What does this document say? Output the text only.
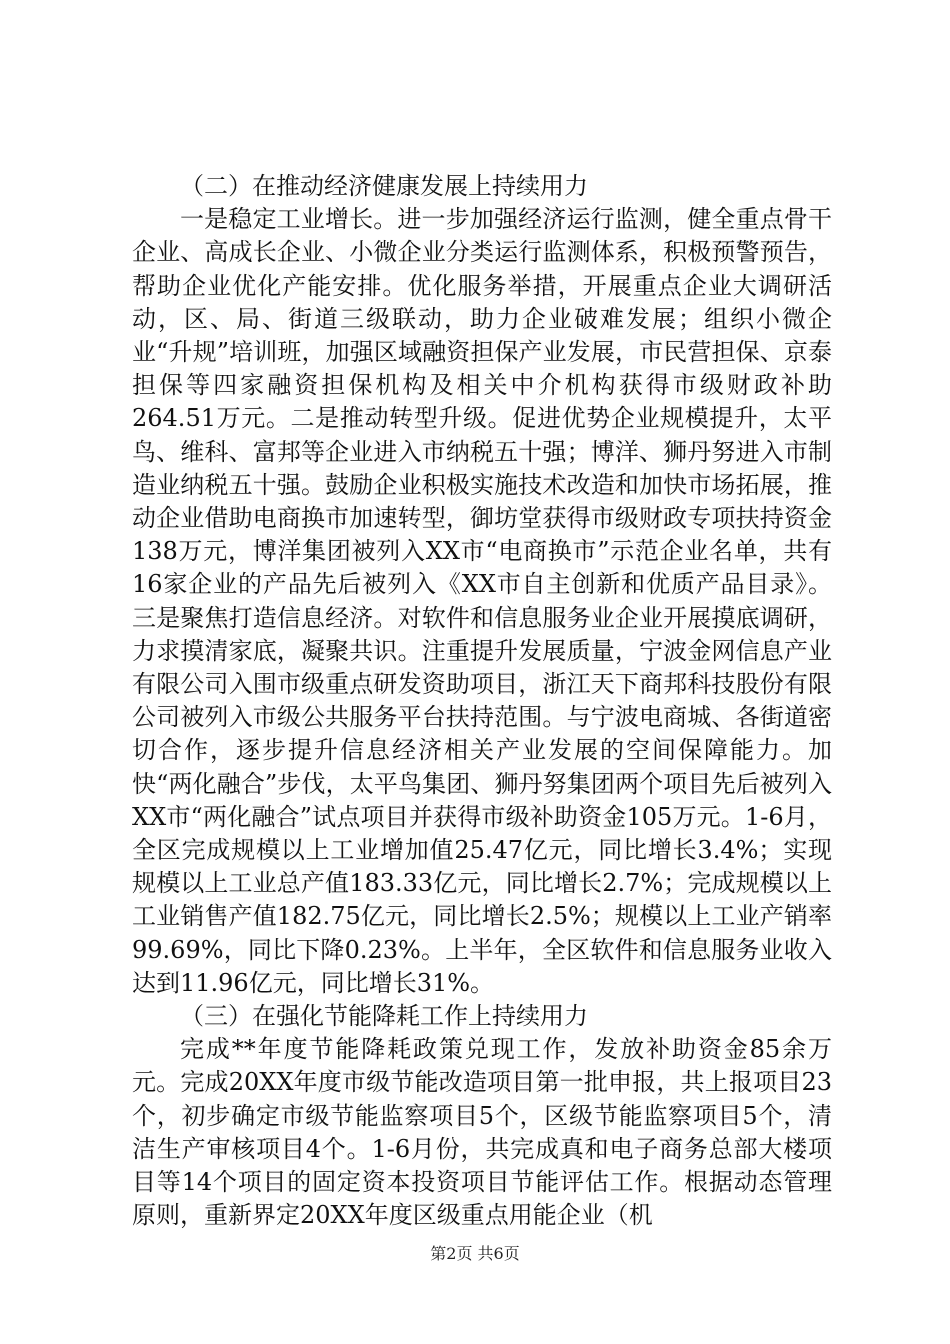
（二）在推动经济健康发展上持续用力

一是稳定工业增长。进一步加强经济运行监测，健全重点骨干企业、高成长企业、小微企业分类运行监测体系，积极预警预告，帮助企业优化产能安排。优化服务举措，开展重点企业大调研活动，区、局、街道三级联动，助力企业破难发展；组织小微企业“升规”培训班，加强区域融资担保产业发展，市民营担保、京泰担保等四家融资担保机构及相关中介机构获得市级财政补助264.51万元。二是推动转型升级。促进优势企业规模提升，太平鸟、维科、富邦等企业进入市纳税五十强；博洋、狮丹努进入市制造业纳税五十强。鼓励企业积极实施技术改造和加快市场拓展，推动企业借助电商换市加速转型，御坊堂获得市级财政专项扶持资金138万元，博洋集团被列入XX市“电商换市”示范企业名单，共有16家企业的产品先后被列入《XX市自主创新和优质产品目录》。三是聚焦打造信息经济。对软件和信息服务业企业开展摸底调研，力求摸清家底，凝聚共识。注重提升发展质量，宁波金网信息产业有限公司入围市级重点研发资助项目，浙江天下商邦科技股份有限公司被列入市级公共服务平台扶持范围。与宁波电商城、各街道密切合作，逐步提升信息经济相关产业发展的空间保障能力。加快“两化融合”步伐，太平鸟集团、狮丹努集团两个项目先后被列入XX市“两化融合”试点项目并获得市级补助资金105万元。1-6月，全区完成规模以上工业增加值25.47亿元，同比增长3.4%；实现规模以上工业总产值183.33亿元，同比增长2.7%；完成规模以上工业销售产值182.75亿元，同比增长2.5%；规模以上工业产销率99.69%，同比下降0.23%。上半年，全区软件和信息服务业收入达到11.96亿元，同比增长31%。

（三）在强化节能降耗工作上持续用力

完成**年度节能降耗政策兑现工作，发放补助资金85余万元。完成20XX年度市级节能改造项目第一批申报，共上报项目23个，初步确定市级节能监察项目5个，区级节能监察项目5个，清洁生产审核项目4个。1-6月份，共完成真和电子商务总部大楼项目等14个项目的固定资本投资项目节能评估工作。根据动态管理原则，重新界定20XX年度区级重点用能企业（机

第2页 共6页
